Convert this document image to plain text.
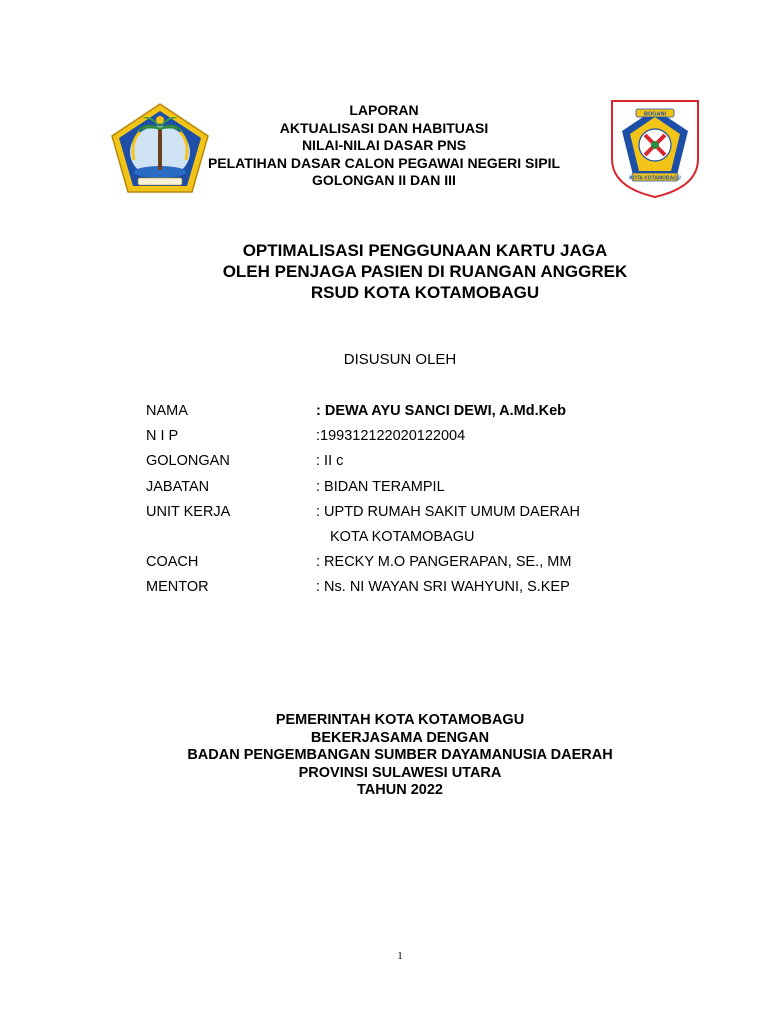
BOGANI
KOTA KOTAMOBAGU
LAPORAN
AKTUALISASI DAN HABITUASI
NILAI-NILAI DASAR PNS
PELATIHAN DASAR CALON PEGAWAI NEGERI SIPIL
GOLONGAN II DAN III
OPTIMALISASI PENGGUNAAN KARTU JAGA
OLEH PENJAGA PASIEN DI RUANGAN ANGGREK
RSUD KOTA KOTAMOBAGU
DISUSUN OLEH
NAMA	: DEWA AYU SANCI DEWI, A.Md.Keb
N I P	:199312122020122004
GOLONGAN	: II c
JABATAN	: BIDAN TERAMPIL
UNIT KERJA	: UPTD RUMAH SAKIT UMUM DAERAH
KOTA KOTAMOBAGU
COACH	: RECKY M.O PANGERAPAN, SE., MM
MENTOR	: Ns. NI WAYAN SRI WAHYUNI, S.KEP
PEMERINTAH KOTA KOTAMOBAGU
BEKERJASAMA DENGAN
BADAN PENGEMBANGAN SUMBER DAYAMANUSIA DAERAH
PROVINSI SULAWESI UTARA
TAHUN 2022
1
